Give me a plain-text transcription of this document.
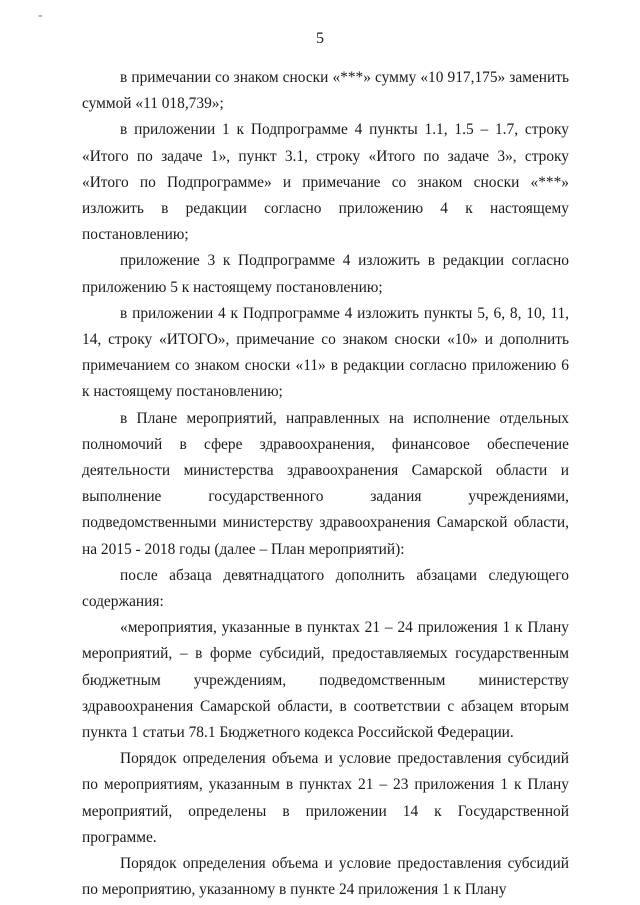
-
5

в примечании со знаком сноски «***» сумму «10 917,175» заменить суммой «11 018,739»;

в приложении 1 к Подпрограмме 4 пункты 1.1, 1.5 – 1.7, строку «Итого по задаче 1», пункт 3.1, строку «Итого по задаче 3», строку «Итого по Подпрограмме» и примечание со знаком сноски «***» изложить в редакции согласно приложению 4 к настоящему постановлению;

приложение 3 к Подпрограмме 4 изложить в редакции согласно приложению 5 к настоящему постановлению;

в приложении 4 к Подпрограмме 4 изложить пункты 5, 6, 8, 10, 11, 14, строку «ИТОГО», примечание со знаком сноски «10» и дополнить примечанием со знаком сноски «11» в редакции согласно приложению 6 к настоящему постановлению;

в Плане мероприятий, направленных на исполнение отдельных полномочий в сфере здравоохранения, финансовое обеспечение деятельности министерства здравоохранения Самарской области и выполнение государственного задания учреждениями, подведомственными министерству здравоохранения Самарской области, на 2015 - 2018 годы (далее – План мероприятий):

после абзаца девятнадцатого дополнить абзацами следующего содержания:

«мероприятия, указанные в пунктах 21 – 24 приложения 1 к Плану мероприятий, – в форме субсидий, предоставляемых государственным бюджетным учреждениям, подведомственным министерству здравоохранения Самарской области, в соответствии с абзацем вторым пункта 1 статьи 78.1 Бюджетного кодекса Российской Федерации.

Порядок определения объема и условие предоставления субсидий по мероприятиям, указанным в пунктах 21 – 23 приложения 1 к Плану мероприятий, определены в приложении 14 к Государственной программе.

Порядок определения объема и условие предоставления субсидий по мероприятию, указанному в пункте 24 приложения 1 к Плану
